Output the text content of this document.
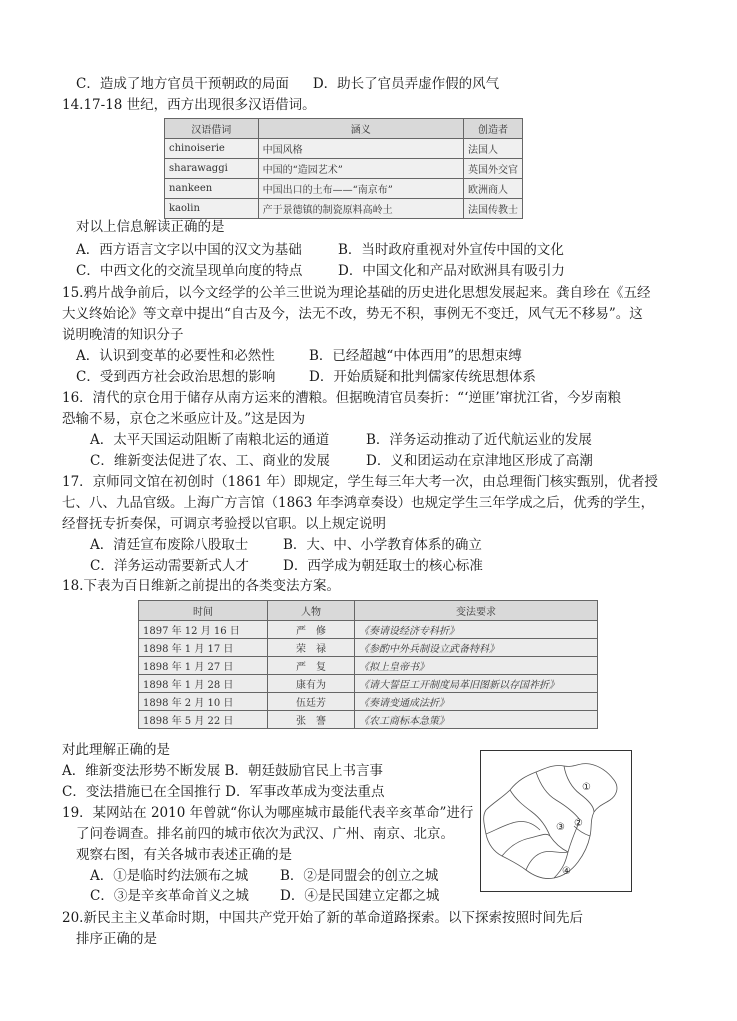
C．造成了地方官员干预朝政的局面 D．助长了官员弄虚作假的风气
14.17-18 世纪，西方出现很多汉语借词。
汉语借词	涵义	创造者
chinoiserie	中国风格	法国人
sharawaggi	中国的“造园艺术”	英国外交官
nankeen	中国出口的土布——“南京布”	欧洲商人
kaolin	产于景德镇的制瓷原料高岭土	法国传教士
对以上信息解读正确的是
A．西方语言文字以中国的汉文为基础	B．当时政府重视对外宣传中国的文化
C．中西文化的交流呈现单向度的特点	D．中国文化和产品对欧洲具有吸引力
15.鸦片战争前后，以今文经学的公羊三世说为理论基础的历史进化思想发展起来。龚自珍在《五经
大义终始论》等文章中提出“自古及今，法无不改，势无不积，事例无不变迁，风气无不移易”。这
说明晚清的知识分子
A．认识到变革的必要性和必然性	B．已经超越“中体西用”的思想束缚
C．受到西方社会政治思想的影响 D．开始质疑和批判儒家传统思想体系
16．清代的京仓用于储存从南方运来的漕粮。但据晚清官员奏折：“‘逆匪’窜扰江省，今岁南粮
恐输不易，京仓之米亟应计及。”这是因为
A．太平天国运动阻断了南粮北运的通道	B．洋务运动推动了近代航运业的发展
C．维新变法促进了农、工、商业的发展	D．义和团运动在京津地区形成了高潮
17．京师同文馆在初创时（1861 年）即规定，学生每三年大考一次，由总理衙门核实甄别，优者授
七、八、九品官级。上海广方言馆（1863 年李鸿章奏设）也规定学生三年学成之后，优秀的学生，
经督抚专折奏保，可调京考验授以官职。以上规定说明
A．清廷宣布废除八股取士	B．大、中、小学教育体系的确立
C．洋务运动需要新式人才	D．西学成为朝廷取士的核心标准
18.下表为百日维新之前提出的各类变法方案。
时间	人物	变法要求
1897 年 12 月 16 日	严　修	《奏请设经济专科折》
1898 年 1 月 17 日	荣　禄	《参酌中外兵制设立武备特科》
1898 年 1 月 27 日	严　复	《拟上皇帝书》
1898 年 1 月 28 日	康有为	《请大誓臣工开制度局革旧图新以存国祚折》
1898 年 2 月 10 日	伍廷芳	《奏请变通成法折》
1898 年 5 月 22 日	张　謇	《农工商标本急策》
对此理解正确的是
A．维新变法形势不断发展 B．朝廷鼓励官民上书言事
C．变法措施已在全国推行 D．军事改革成为变法重点
19．某网站在 2010 年曾就“你认为哪座城市最能代表辛亥革命”进行
了问卷调查。排名前四的城市依次为武汉、广州、南京、北京。
观察右图，有关各城市表述正确的是
A．①是临时约法颁布之城 B．②是同盟会的创立之城
C．③是辛亥革命首义之城 D．④是民国建立定都之城
①
②
③
④
20.新民主主义革命时期，中国共产党开始了新的革命道路探索。以下探索按照时间先后
排序正确的是
